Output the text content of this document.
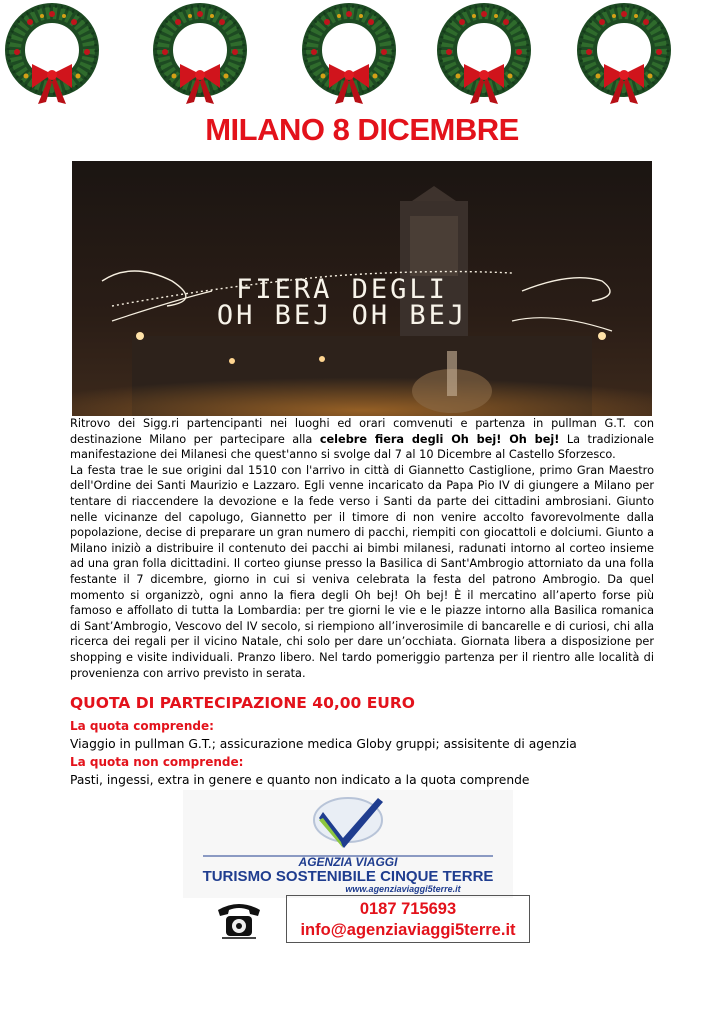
MILANO 8 DICEMBRE
FIERA DEGLI
OH BEJ OH BEJ

Ritrovo dei Sigg.ri partencipanti nei luoghi ed orari comvenuti e partenza in pullman G.T. con destinazione Milano per partecipare alla celebre fiera degli Oh bej! Oh bej! La tradizionale manifestazione dei Milanesi che quest'anno si svolge dal 7 al 10 Dicembre al Castello Sforzesco.

La festa trae le sue origini dal 1510 con l'arrivo in città di Giannetto Castiglione, primo Gran Maestro dell'Ordine dei Santi Maurizio e Lazzaro. Egli venne incaricato da Papa Pio IV di giungere a Milano per tentare di riaccendere la devozione e la fede verso i Santi da parte dei cittadini ambrosiani. Giunto nelle vicinanze del capolugo, Giannetto per il timore di non venire accolto favorevolmente dalla popolazione, decise di preparare un gran numero di pacchi, riempiti con giocattoli e dolciumi. Giunto a Milano iniziò a distribuire il contenuto dei pacchi ai bimbi milanesi, radunati intorno al corteo insieme ad una gran folla dicittadini. Il corteo giunse presso la Basilica di Sant'Ambrogio attorniato da una folla festante il 7 dicembre, giorno in cui si veniva celebrata la festa del patrono Ambrogio. Da quel momento si organizzò, ogni anno la fiera degli Oh bej! Oh bej! È il mercatino all’aperto forse più famoso e affollato di tutta la Lombardia: per tre giorni le vie e le piazze intorno alla Basilica romanica di Sant’Ambrogio, Vescovo del IV secolo, si riempiono all’inverosimile di bancarelle e di curiosi, chi alla ricerca dei regali per il vicino Natale, chi solo per dare un’occhiata. Giornata libera a disposizione per shopping e visite individuali. Pranzo libero. Nel tardo pomeriggio partenza per il rientro alle località di provenienza con arrivo previsto in serata.

QUOTA DI PARTECIPAZIONE 40,00 EURO

La quota comprende:

Viaggio in pullman G.T.; assicurazione medica Globy gruppi; assisitente di agenzia

La quota non comprende:

Pasti, ingessi, extra in genere e quanto non indicato a la quota comprende

AGENZIA VIAGGI
TURISMO SOSTENIBILE CINQUE TERRE
www.agenziaviaggi5terre.it
0187 715693
info@agenziaviaggi5terre.it
